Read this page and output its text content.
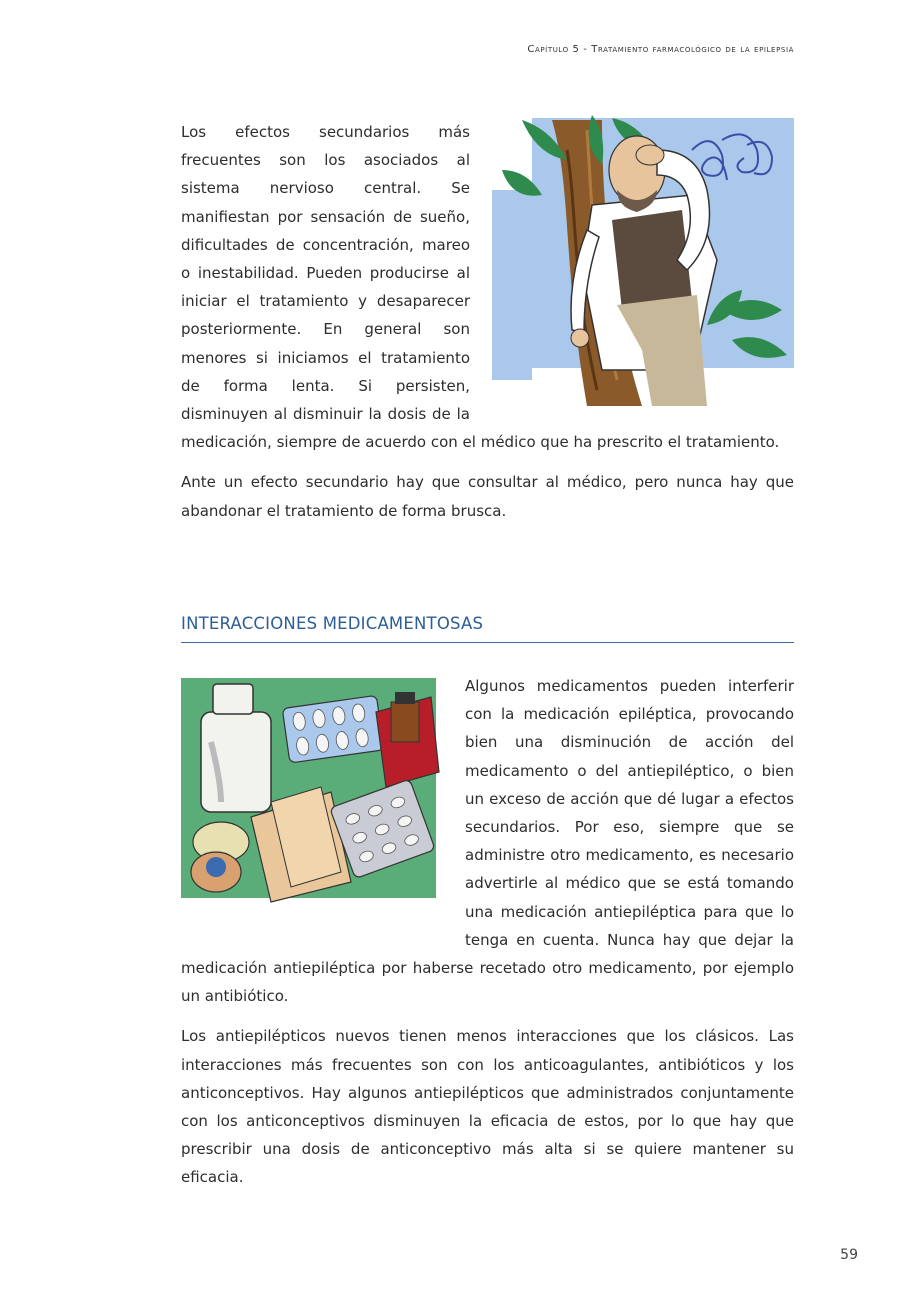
Capítulo 5 - Tratamiento farmacológico de la epilepsia

Los efectos secundarios más frecuentes son los asociados al sistema nervioso central. Se manifiestan por sensación de sueño, dificultades de concentración, mareo o inestabilidad. Pueden producirse al iniciar el tratamiento y desaparecer posteriormente. En general son menores si iniciamos el tratamiento de forma lenta. Si persisten, disminuyen al disminuir la dosis de la medicación, siempre de acuerdo con el médico que ha prescrito el tratamiento.

Ante un efecto secundario hay que consultar al médico, pero nunca hay que abandonar el tratamiento de forma brusca.

INTERACCIONES MEDICAMENTOSAS

Algunos medicamentos pueden interferir con la medicación epiléptica, provocando bien una disminución de acción del medicamento o del antiepiléptico, o bien un exceso de acción que dé lugar a efectos secundarios. Por eso, siempre que se administre otro medicamento, es necesario advertirle al médico que se está tomando una medicación antiepiléptica para que lo tenga en cuenta. Nunca hay que dejar la medicación antiepiléptica por haberse recetado otro medicamento, por ejemplo un antibiótico.

Los antiepilépticos nuevos tienen menos interacciones que los clásicos. Las interacciones más frecuentes son con los anticoagulantes, antibióticos y los anticonceptivos. Hay algunos antiepilépticos que administrados conjuntamente con los anticonceptivos disminuyen la eficacia de estos, por lo que hay que prescribir una dosis de anticonceptivo más alta si se quiere mantener su eficacia.

59
